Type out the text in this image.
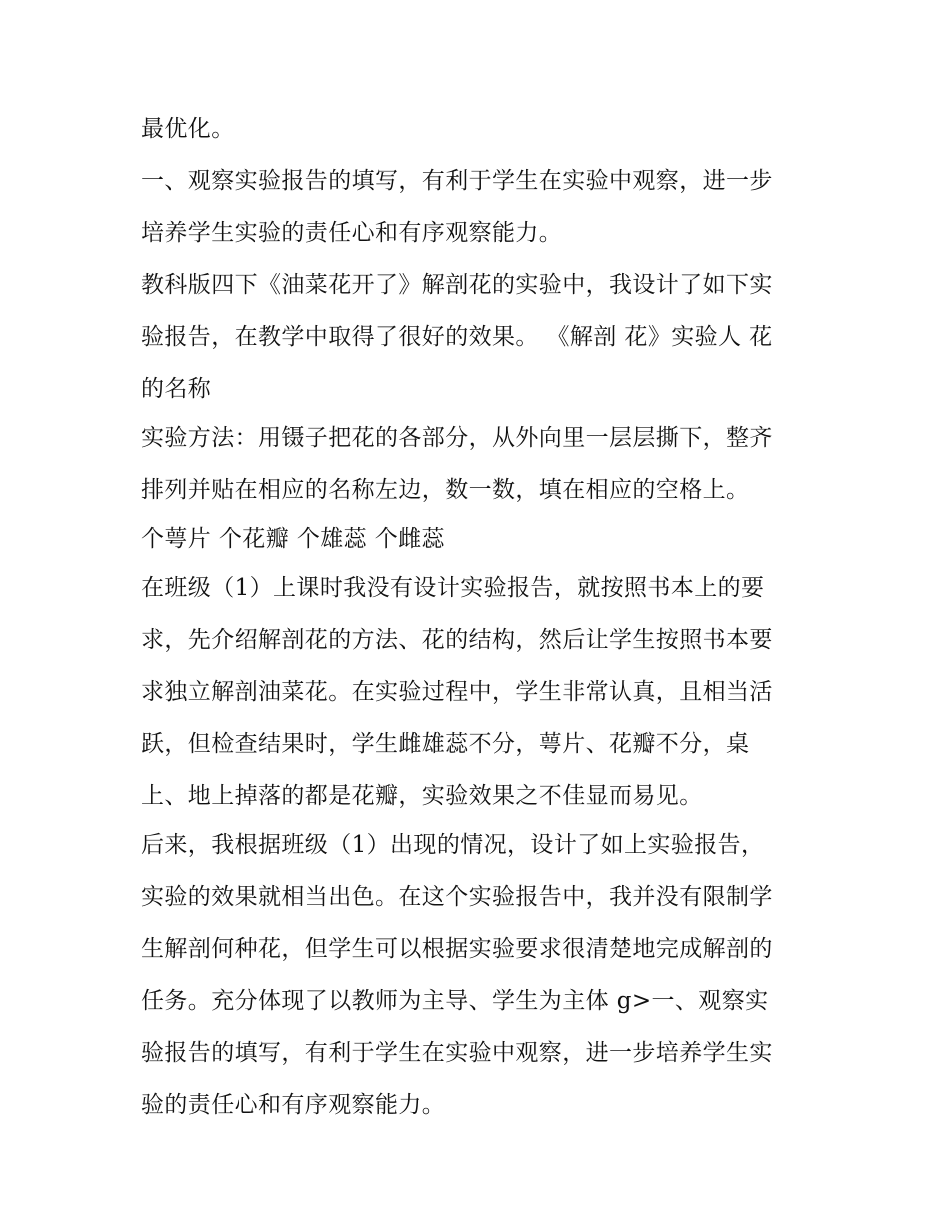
最优化。
一、观察实验报告的填写，有利于学生在实验中观察，进一步
培养学生实验的责任心和有序观察能力。
教科版四下《油菜花开了》解剖花的实验中，我设计了如下实
验报告，在教学中取得了很好的效果。 《解剖 花》实验人 花
的名称
实验方法：用镊子把花的各部分，从外向里一层层撕下，整齐
排列并贴在相应的名称左边，数一数，填在相应的空格上。
个萼片 个花瓣 个雄蕊 个雌蕊
在班级（1）上课时我没有设计实验报告，就按照书本上的要
求，先介绍解剖花的方法、花的结构，然后让学生按照书本要
求独立解剖油菜花。在实验过程中，学生非常认真，且相当活
跃，但检查结果时，学生雌雄蕊不分，萼片、花瓣不分，桌
上、地上掉落的都是花瓣，实验效果之不佳显而易见。
后来，我根据班级（1）出现的情况，设计了如上实验报告，
实验的效果就相当出色。在这个实验报告中，我并没有限制学
生解剖何种花，但学生可以根据实验要求很清楚地完成解剖的
任务。充分体现了以教师为主导、学生为主体 g>一、观察实
验报告的填写，有利于学生在实验中观察，进一步培养学生实
验的责任心和有序观察能力。
